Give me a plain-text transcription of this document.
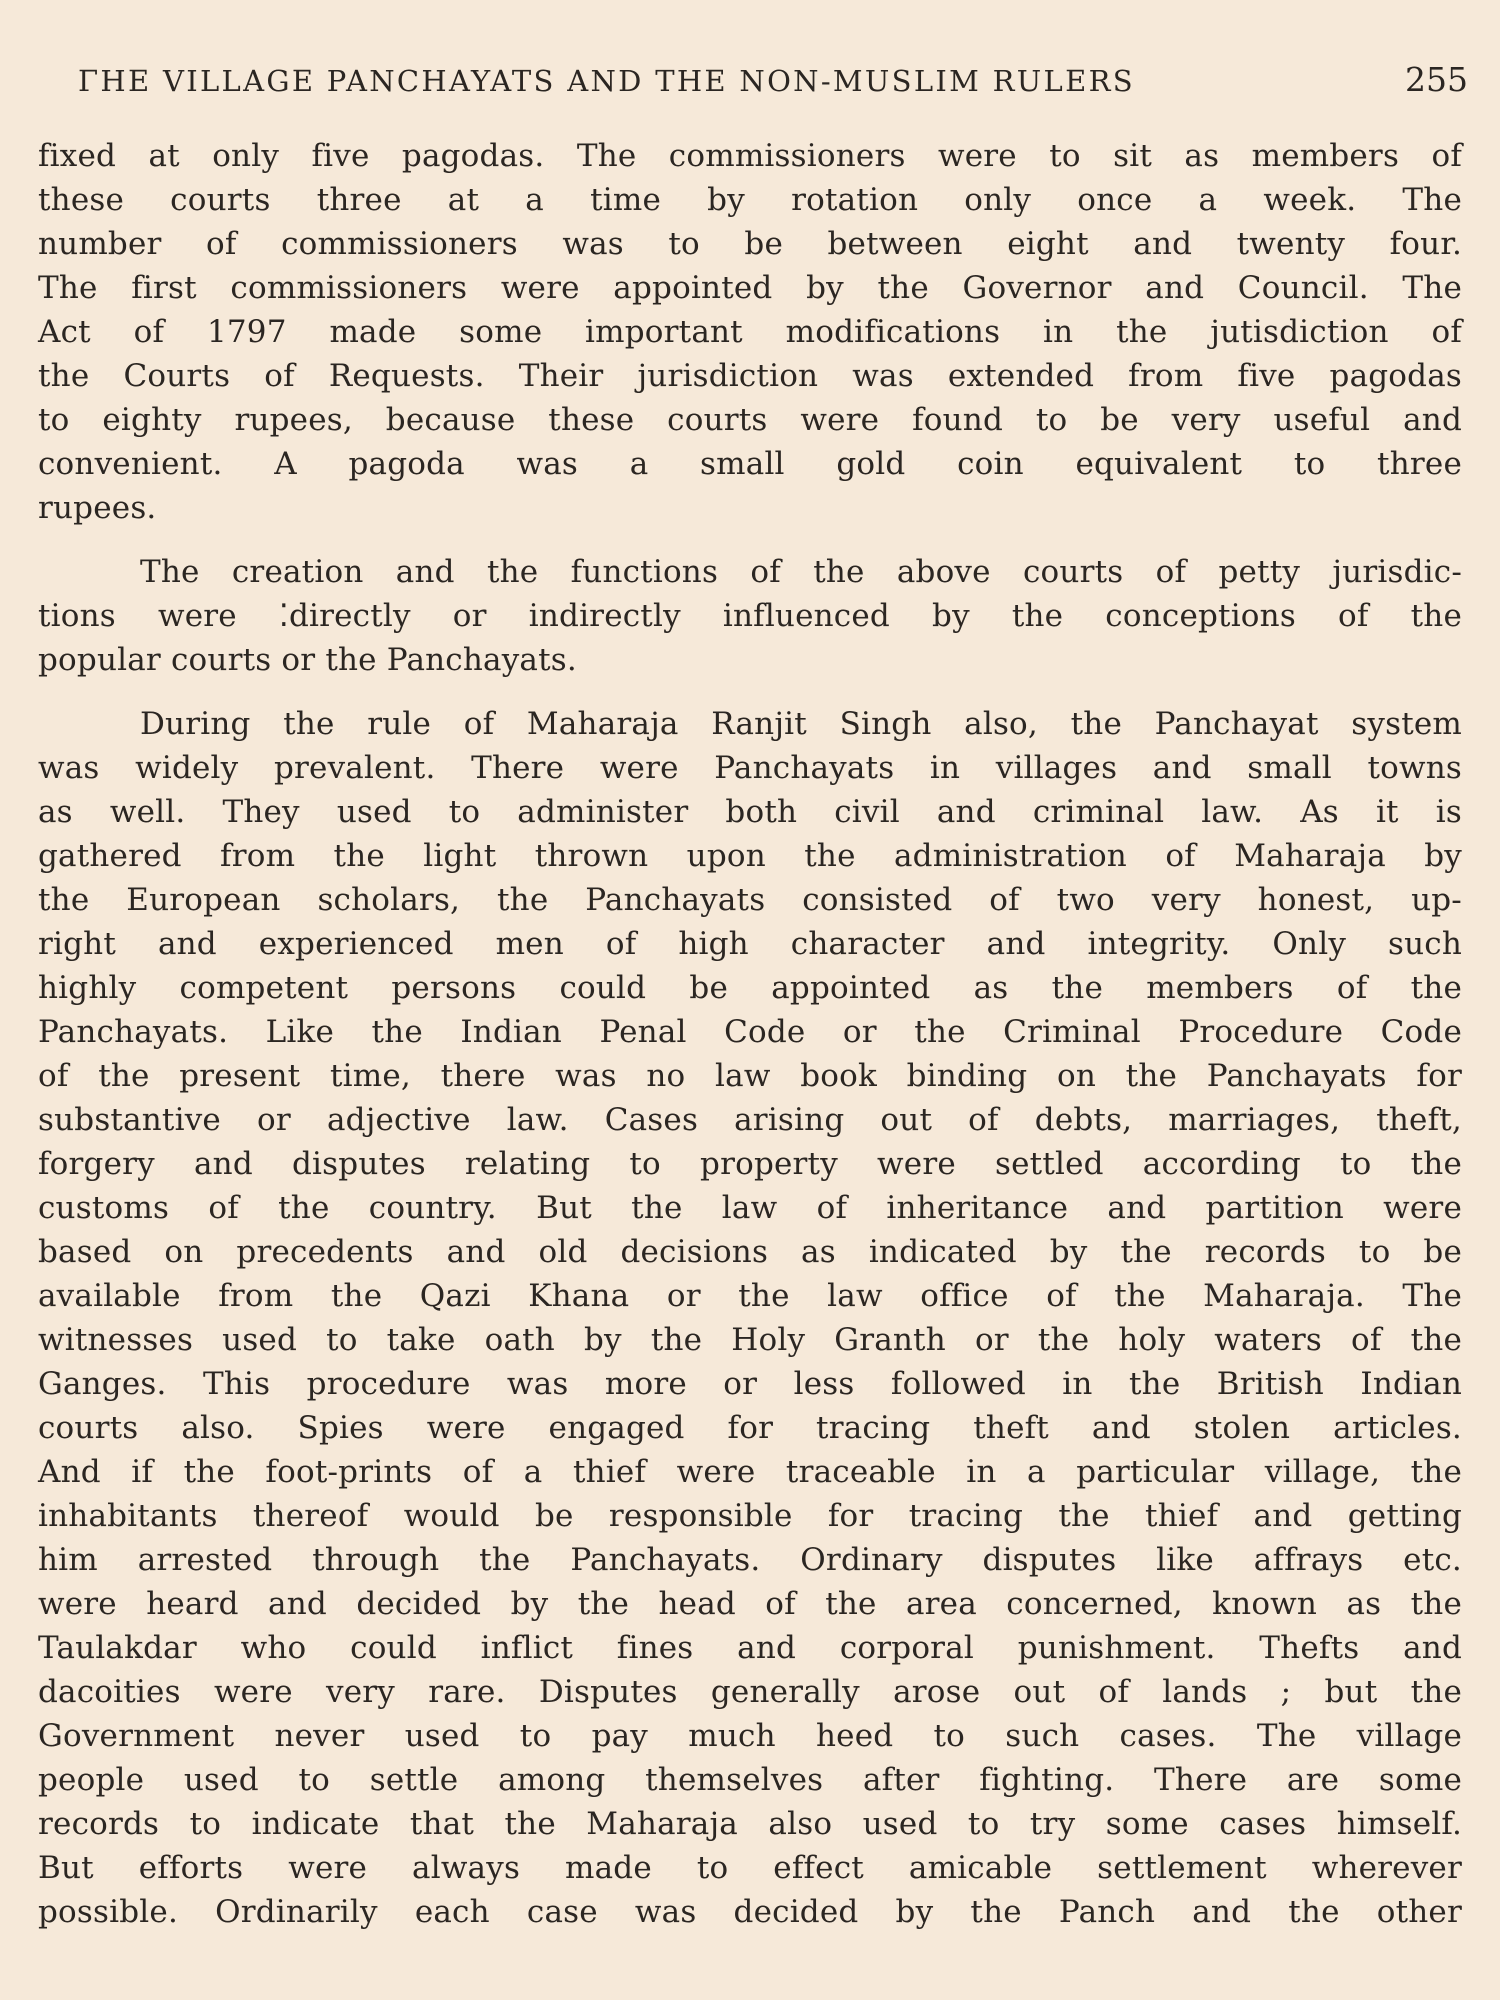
ΓHE VILLAGE PANCHAYATS AND THE NON-MUSLIM RULERS	255
fixed at only five pagodas. The commissioners were to sit as members of
these courts three at a time by rotation only once a week. The
number of commissioners was to be between eight and twenty four.
The first commissioners were appointed by the Governor and Council. The
Act of 1797 made some important modifications in the jutisdiction of
the Courts of Requests. Their jurisdiction was extended from five pagodas
to eighty rupees, because these courts were found to be very useful and
convenient. A pagoda was a small gold coin equivalent to three
rupees.
The creation and the functions of the above courts of petty jurisdic-
tions were ⁚directly or indirectly influenced by the conceptions of the
popular courts or the Panchayats.
During the rule of Maharaja Ranjit Singh also, the Panchayat system
was widely prevalent. There were Panchayats in villages and small towns
as well. They used to administer both civil and criminal law. As it is
gathered from the light thrown upon the administration of Maharaja by
the European scholars, the Panchayats consisted of two very honest, up-
right and experienced men of high character and integrity. Only such
highly competent persons could be appointed as the members of the
Panchayats. Like the Indian Penal Code or the Criminal Procedure Code
of the present time, there was no law book binding on the Panchayats for
substantive or adjective law. Cases arising out of debts, marriages, theft,
forgery and disputes relating to property were settled according to the
customs of the country. But the law of inheritance and partition were
based on precedents and old decisions as indicated by the records to be
available from the Qazi Khana or the law office of the Maharaja. The
witnesses used to take oath by the Holy Granth or the holy waters of the
Ganges. This procedure was more or less followed in the British Indian
courts also. Spies were engaged for tracing theft and stolen articles.
And if the foot-prints of a thief were traceable in a particular village, the
inhabitants thereof would be responsible for tracing the thief and getting
him arrested through the Panchayats. Ordinary disputes like affrays etc.
were heard and decided by the head of the area concerned, known as the
Taulakdar who could inflict fines and corporal punishment. Thefts and
dacoities were very rare. Disputes generally arose out of lands ; but the
Government never used to pay much heed to such cases. The village
people used to settle among themselves after fighting. There are some
records to indicate that the Maharaja also used to try some cases himself.
But efforts were always made to effect amicable settlement wherever
possible. Ordinarily each case was decided by the Panch and the other
